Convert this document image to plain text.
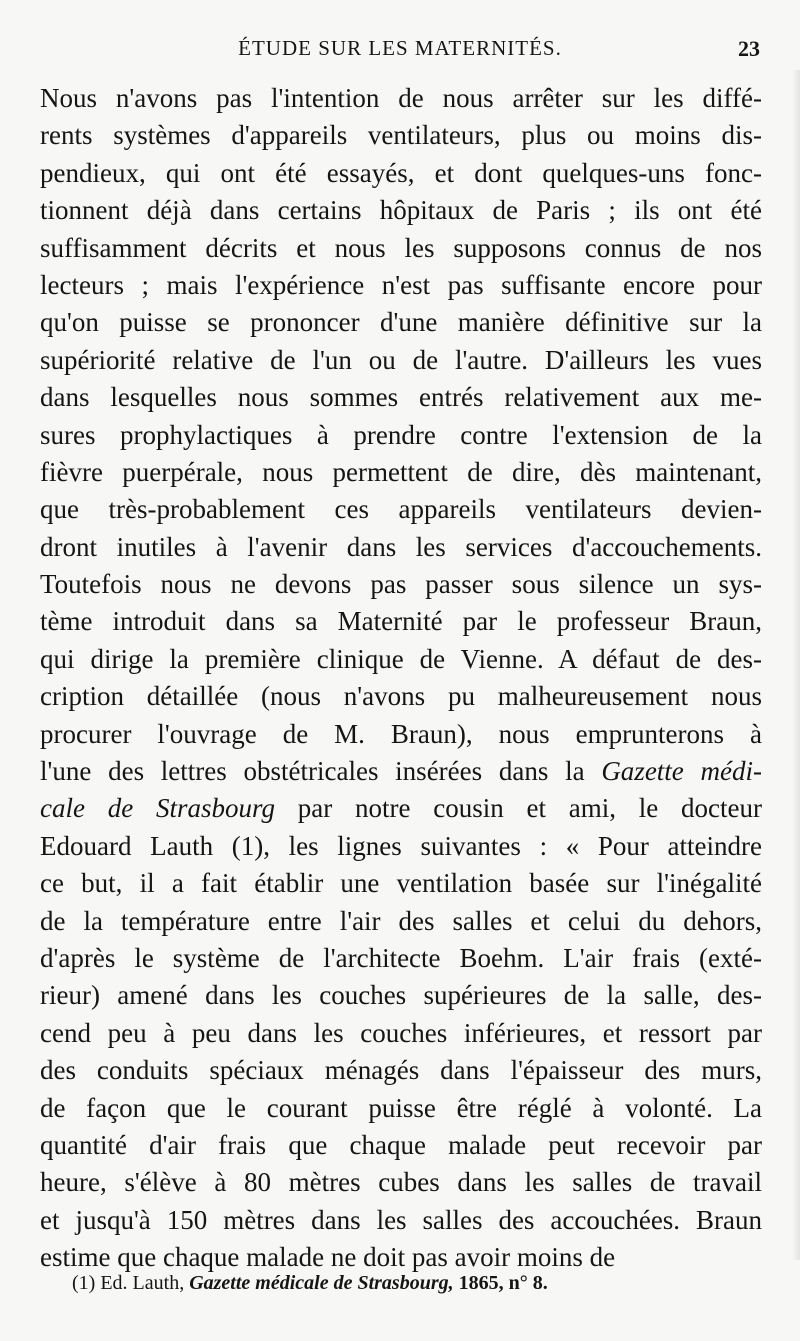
ÉTUDE SUR LES MATERNITÉS.	23
Nous n'avons pas l'intention de nous arrêter sur les diffé-
rents systèmes d'appareils ventilateurs, plus ou moins dis-
pendieux, qui ont été essayés, et dont quelques-uns fonc-
tionnent déjà dans certains hôpitaux de Paris ; ils ont été
suffisamment décrits et nous les supposons connus de nos
lecteurs ; mais l'expérience n'est pas suffisante encore pour
qu'on puisse se prononcer d'une manière définitive sur la
supériorité relative de l'un ou de l'autre. D'ailleurs les vues
dans lesquelles nous sommes entrés relativement aux me-
sures prophylactiques à prendre contre l'extension de la
fièvre puerpérale, nous permettent de dire, dès maintenant,
que très-probablement ces appareils ventilateurs devien-
dront inutiles à l'avenir dans les services d'accouchements.
Toutefois nous ne devons pas passer sous silence un sys-
tème introduit dans sa Maternité par le professeur Braun,
qui dirige la première clinique de Vienne. A défaut de des-
cription détaillée (nous n'avons pu malheureusement nous
procurer l'ouvrage de M. Braun), nous emprunterons à
l'une des lettres obstétricales insérées dans la Gazette médi-
cale de Strasbourg par notre cousin et ami, le docteur
Edouard Lauth (1), les lignes suivantes : « Pour atteindre
ce but, il a fait établir une ventilation basée sur l'inégalité
de la température entre l'air des salles et celui du dehors,
d'après le système de l'architecte Boehm. L'air frais (exté-
rieur) amené dans les couches supérieures de la salle, des-
cend peu à peu dans les couches inférieures, et ressort par
des conduits spéciaux ménagés dans l'épaisseur des murs,
de façon que le courant puisse être réglé à volonté. La
quantité d'air frais que chaque malade peut recevoir par
heure, s'élève à 80 mètres cubes dans les salles de travail
et jusqu'à 150 mètres dans les salles des accouchées. Braun
estime que chaque malade ne doit pas avoir moins de
(1) Ed. Lauth, Gazette médicale de Strasbourg, 1865, n° 8.
